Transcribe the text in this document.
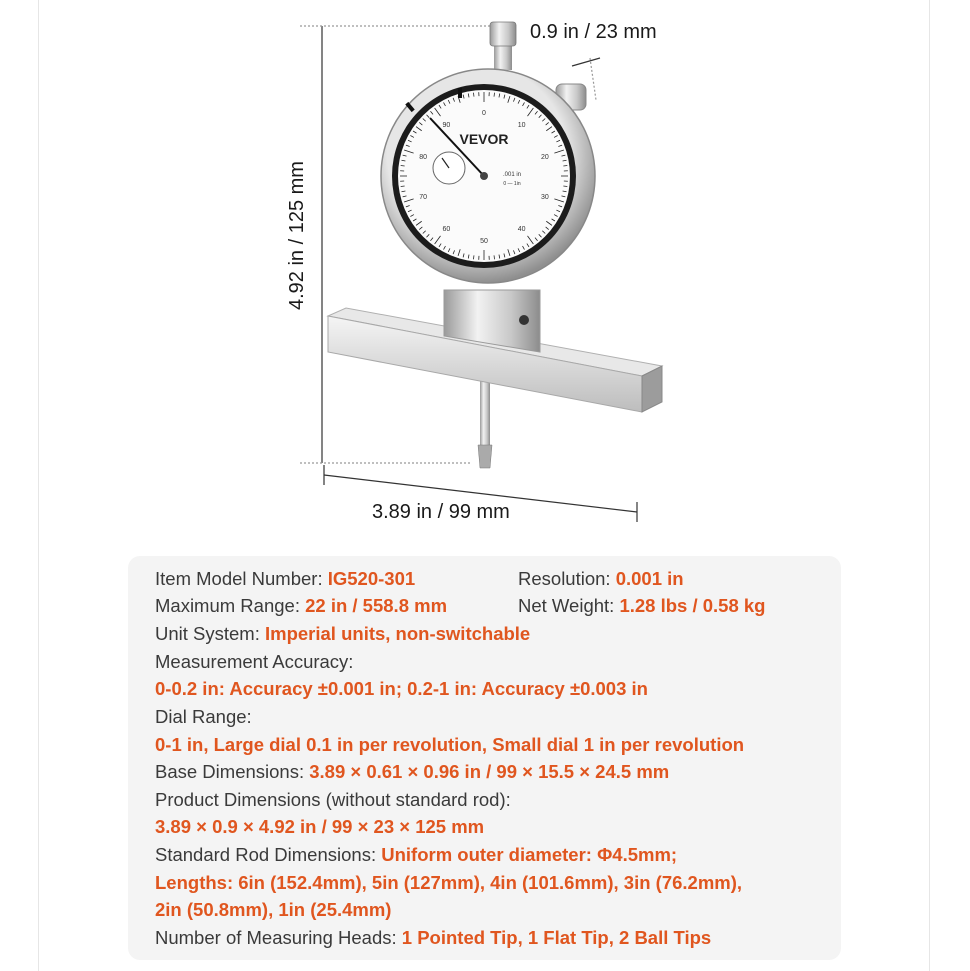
0
10
20
30
40
50
60
70
80
90
VEVOR
.001 in
0 — 1in
0.9 in / 23 mm
3.89 in / 99 mm
4.92 in / 125 mm
Item Model Number: IG520-301	Resolution: 0.001 in
Maximum Range: 22 in / 558.8 mm	Net Weight: 1.28 lbs / 0.58 kg
Unit System: Imperial units, non-switchable
Measurement Accuracy:
0-0.2 in: Accuracy ±0.001 in; 0.2-1 in: Accuracy ±0.003 in
Dial Range:
0-1 in, Large dial 0.1 in per revolution, Small dial 1 in per revolution
Base Dimensions: 3.89 × 0.61 × 0.96 in / 99 × 15.5 × 24.5 mm
Product Dimensions (without standard rod):
3.89 × 0.9 × 4.92 in / 99 × 23 × 125 mm
Standard Rod Dimensions: Uniform outer diameter: Φ4.5mm;
Lengths: 6in (152.4mm), 5in (127mm), 4in (101.6mm), 3in (76.2mm),
2in (50.8mm), 1in (25.4mm)
Number of Measuring Heads: 1 Pointed Tip, 1 Flat Tip, 2 Ball Tips
